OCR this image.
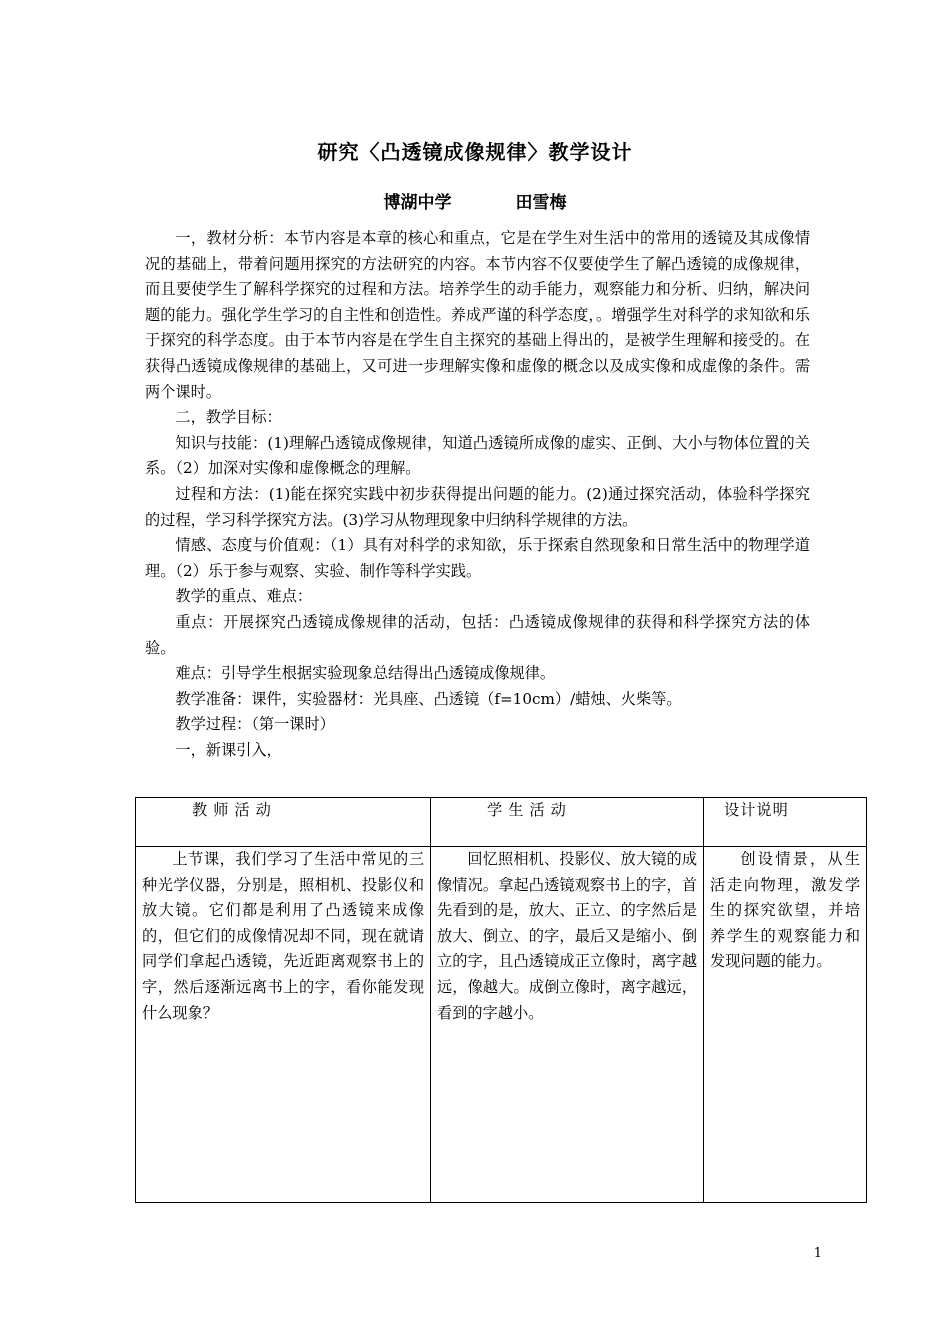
研究〈凸透镜成像规律〉教学设计
博湖中学	田雪梅

一，教材分析：本节内容是本章的核心和重点，它是在学生对生活中的常用的透镜及其成像情况的基础上，带着问题用探究的方法研究的内容。本节内容不仅要使学生了解凸透镜的成像规律，而且要使学生了解科学探究的过程和方法。培养学生的动手能力，观察能力和分析、归纳，解决问题的能力。强化学生学习的自主性和创造性。养成严谨的科学态度，。增强学生对科学的求知欲和乐于探究的科学态度。由于本节内容是在学生自主探究的基础上得出的，是被学生理解和接受的。在获得凸透镜成像规律的基础上，又可进一步理解实像和虚像的概念以及成实像和成虚像的条件。需两个课时。

二，教学目标：

知识与技能：(1)理解凸透镜成像规律，知道凸透镜所成像的虚实、正倒、大小与物体位置的关系。（2）加深对实像和虚像概念的理解。

过程和方法：(1)能在探究实践中初步获得提出问题的能力。(2)通过探究活动，体验科学探究的过程，学习科学探究方法。(3)学习从物理现象中归纳科学规律的方法。

情感、态度与价值观：（1）具有对科学的求知欲，乐于探索自然现象和日常生活中的物理学道理。（2）乐于参与观察、实验、制作等科学实践。

教学的重点、难点：

重点：开展探究凸透镜成像规律的活动，包括：凸透镜成像规律的获得和科学探究方法的体验。

难点：引导学生根据实验现象总结得出凸透镜成像规律。

教学准备：课件，实验器材：光具座、凸透镜（f=10cm）/蜡烛、火柴等。

教学过程：（第一课时）

一，新课引入，

教师活动	学生活动	设计说明

上节课，我们学习了生活中常见的三种光学仪器，分别是，照相机、投影仪和放大镜。它们都是利用了凸透镜来成像的，但它们的成像情况却不同，现在就请同学们拿起凸透镜，先近距离观察书上的字，然后逐渐远离书上的字，看你能发现什么现象？	回忆照相机、投影仪、放大镜的成像情况。拿起凸透镜观察书上的字，首先看到的是，放大、正立、的字然后是放大、倒立、的字，最后又是缩小、倒立的字，且凸透镜成正立像时，离字越远，像越大。成倒立像时，离字越远，看到的字越小。	创设情景，从生活走向物理，激发学生的探究欲望，并培养学生的观察能力和发现问题的能力。

1
